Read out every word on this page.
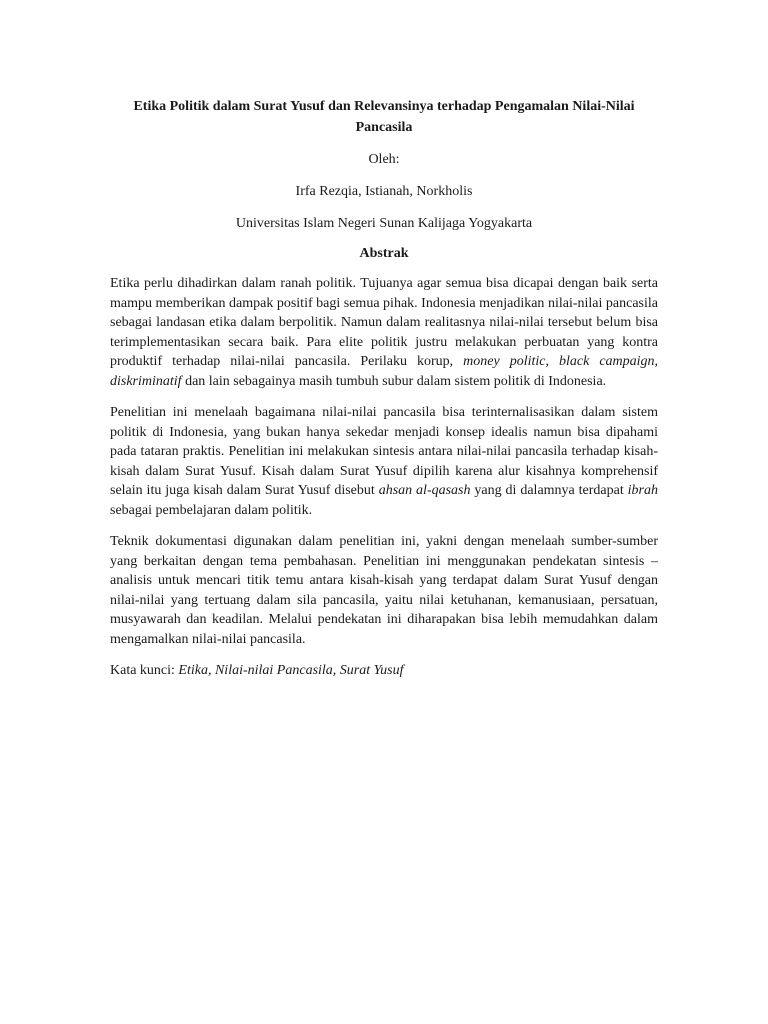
Etika Politik dalam Surat Yusuf dan Relevansinya terhadap Pengamalan Nilai-Nilai Pancasila

Oleh:

Irfa Rezqia, Istianah, Norkholis

Universitas Islam Negeri Sunan Kalijaga Yogyakarta

Abstrak

Etika perlu dihadirkan dalam ranah politik. Tujuanya agar semua bisa dicapai dengan baik serta mampu memberikan dampak positif bagi semua pihak. Indonesia menjadikan nilai-nilai pancasila sebagai landasan etika dalam berpolitik. Namun dalam realitasnya nilai-nilai tersebut belum bisa terimplementasikan secara baik. Para elite politik justru melakukan perbuatan yang kontra produktif terhadap nilai-nilai pancasila. Perilaku korup, money politic, black campaign, diskriminatif dan lain sebagainya masih tumbuh subur dalam sistem politik di Indonesia.

Penelitian ini menelaah bagaimana nilai-nilai pancasila bisa terinternalisasikan dalam sistem politik di Indonesia, yang bukan hanya sekedar menjadi konsep idealis namun bisa dipahami pada tataran praktis. Penelitian ini melakukan sintesis antara nilai-nilai pancasila terhadap kisah-kisah dalam Surat Yusuf. Kisah dalam Surat Yusuf dipilih karena alur kisahnya komprehensif selain itu juga kisah dalam Surat Yusuf disebut ahsan al-qasash yang di dalamnya terdapat ibrah sebagai pembelajaran dalam politik.

Teknik dokumentasi digunakan dalam penelitian ini, yakni dengan menelaah sumber-sumber yang berkaitan dengan tema pembahasan. Penelitian ini menggunakan pendekatan sintesis – analisis untuk mencari titik temu antara kisah-kisah yang terdapat dalam Surat Yusuf dengan nilai-nilai yang tertuang dalam sila pancasila, yaitu nilai ketuhanan, kemanusiaan, persatuan, musyawarah dan keadilan. Melalui pendekatan ini diharapakan bisa lebih memudahkan dalam mengamalkan nilai-nilai pancasila.

Kata kunci: Etika, Nilai-nilai Pancasila, Surat Yusuf
